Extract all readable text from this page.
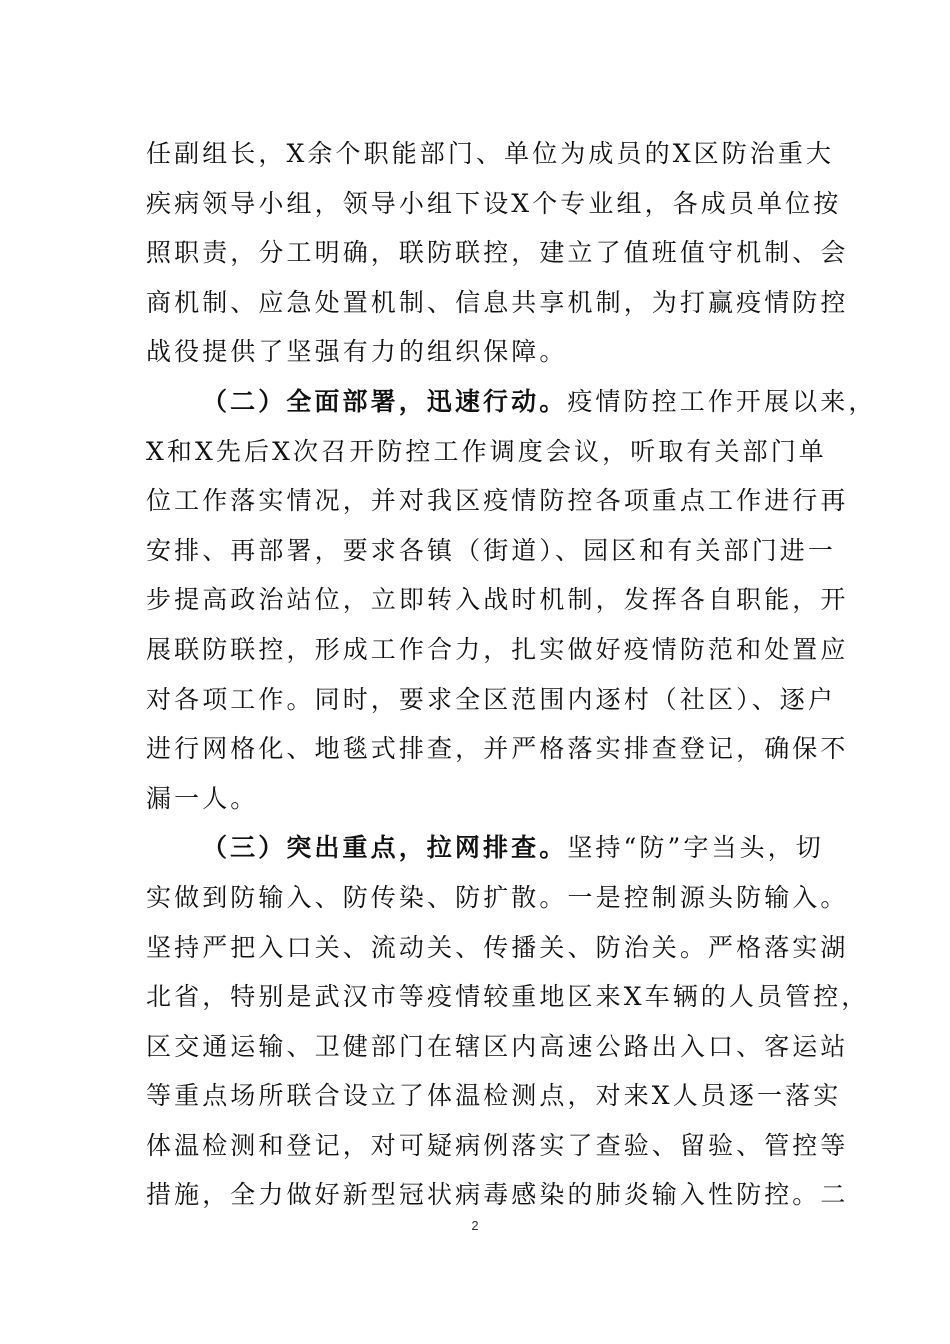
任副组长，X余个职能部门、单位为成员的X区防治重大
疾病领导小组，领导小组下设X个专业组，各成员单位按
照职责，分工明确，联防联控，建立了值班值守机制、会
商机制、应急处置机制、信息共享机制，为打赢疫情防控
战役提供了坚强有力的组织保障。
（二）全面部署，迅速行动。疫情防控工作开展以来，
X和X先后X次召开防控工作调度会议，听取有关部门单
位工作落实情况，并对我区疫情防控各项重点工作进行再
安排、再部署，要求各镇（街道）、园区和有关部门进一
步提高政治站位，立即转入战时机制，发挥各自职能，开
展联防联控，形成工作合力，扎实做好疫情防范和处置应
对各项工作。同时，要求全区范围内逐村（社区）、逐户
进行网格化、地毯式排查，并严格落实排查登记，确保不
漏一人。
（三）突出重点，拉网排查。坚持“防”字当头，切
实做到防输入、防传染、防扩散。一是控制源头防输入。
坚持严把入口关、流动关、传播关、防治关。严格落实湖
北省，特别是武汉市等疫情较重地区来X车辆的人员管控，
区交通运输、卫健部门在辖区内高速公路出入口、客运站
等重点场所联合设立了体温检测点，对来X人员逐一落实
体温检测和登记，对可疑病例落实了查验、留验、管控等
措施，全力做好新型冠状病毒感染的肺炎输入性防控。二
2
